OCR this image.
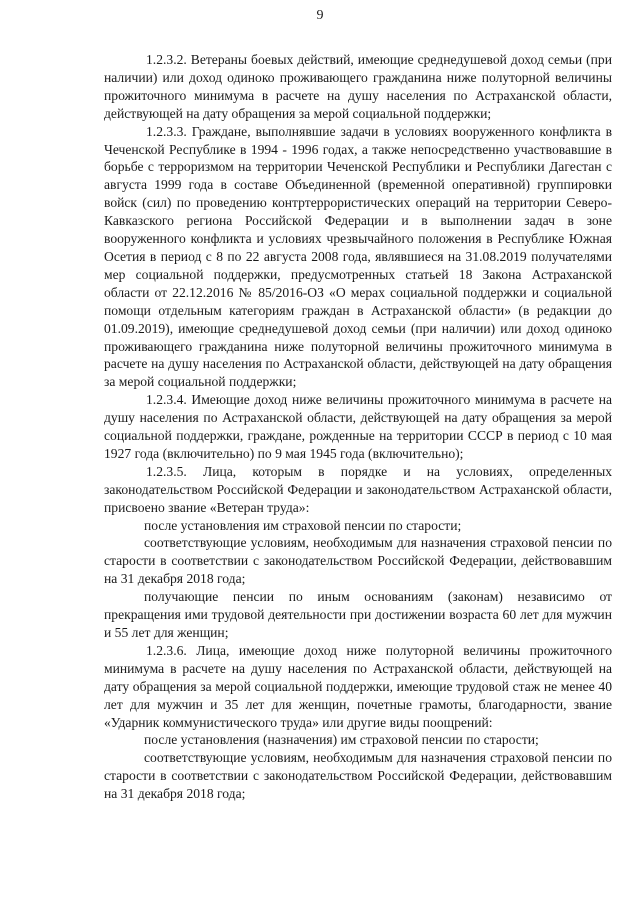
9

1.2.3.2. Ветераны боевых действий, имеющие среднедушевой доход семьи (при наличии) или доход одиноко проживающего гражданина ниже полуторной величины прожиточного минимума в расчете на душу населения по Астраханской области, действующей на дату обращения за мерой социальной поддержки;

1.2.3.3. Граждане, выполнявшие задачи в условиях вооруженного конфликта в Чеченской Республике в 1994 - 1996 годах, а также непосредственно участвовавшие в борьбе с терроризмом на территории Чеченской Республики и Республики Дагестан с августа 1999 года в составе Объединенной (временной оперативной) группировки войск (сил) по проведению контртеррористических операций на территории Северо-Кавказского региона Российской Федерации и в выполнении задач в зоне вооруженного конфликта и условиях чрезвычайного положения в Республике Южная Осетия в период с 8 по 22 августа 2008 года, являвшиеся на 31.08.2019 получателями мер социальной поддержки, предусмотренных статьей 18 Закона Астраханской области от 22.12.2016 № 85/2016-ОЗ «О мерах социальной поддержки и социальной помощи отдельным категориям граждан в Астраханской области» (в редакции до 01.09.2019), имеющие среднедушевой доход семьи (при наличии) или доход одиноко проживающего гражданина ниже полуторной величины прожиточного минимума в расчете на душу населения по Астраханской области, действующей на дату обращения за мерой социальной поддержки;

1.2.3.4. Имеющие доход ниже величины прожиточного минимума в расчете на душу населения по Астраханской области, действующей на дату обращения за мерой социальной поддержки, граждане, рожденные на территории СССР в период с 10 мая 1927 года (включительно) по 9 мая 1945 года (включительно);

1.2.3.5. Лица, которым в порядке и на условиях, определенных законодательством Российской Федерации и законодательством Астраханской области, присвоено звание «Ветеран труда»:

после установления им страховой пенсии по старости;

соответствующие условиям, необходимым для назначения страховой пенсии по старости в соответствии с законодательством Российской Федерации, действовавшим на 31 декабря 2018 года;

получающие пенсии по иным основаниям (законам) независимо от прекращения ими трудовой деятельности при достижении возраста 60 лет для мужчин и 55 лет для женщин;

1.2.3.6. Лица, имеющие доход ниже полуторной величины прожиточного минимума в расчете на душу населения по Астраханской области, действующей на дату обращения за мерой социальной поддержки, имеющие трудовой стаж не менее 40 лет для мужчин и 35 лет для женщин, почетные грамоты, благодарности, звание «Ударник коммунистического труда» или другие виды поощрений:

после установления (назначения) им страховой пенсии по старости;

соответствующие условиям, необходимым для назначения страховой пенсии по старости в соответствии с законодательством Российской Федерации, действовавшим на 31 декабря 2018 года;
